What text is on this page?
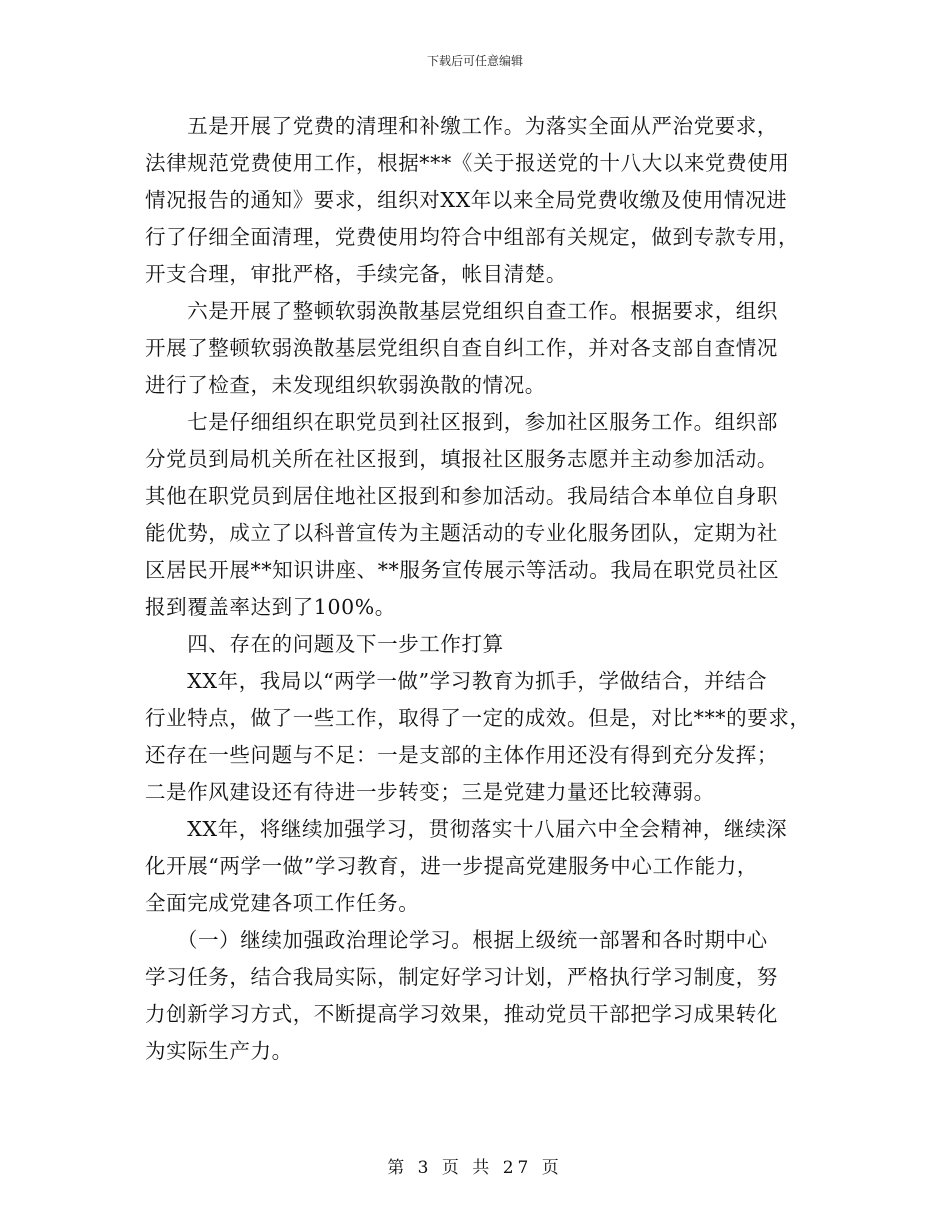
下载后可任意编辑

　　五是开展了党费的清理和补缴工作。为落实全面从严治党要求，
法律规范党费使用工作，根据***《关于报送党的十八大以来党费使用
情况报告的通知》要求，组织对XX年以来全局党费收缴及使用情况进
行了仔细全面清理，党费使用均符合中组部有关规定，做到专款专用，
开支合理，审批严格，手续完备，帐目清楚。

　　六是开展了整顿软弱涣散基层党组织自查工作。根据要求，组织
开展了整顿软弱涣散基层党组织自查自纠工作，并对各支部自查情况
进行了检查，未发现组织软弱涣散的情况。

　　七是仔细组织在职党员到社区报到，参加社区服务工作。组织部
分党员到局机关所在社区报到，填报社区服务志愿并主动参加活动。
其他在职党员到居住地社区报到和参加活动。我局结合本单位自身职
能优势，成立了以科普宣传为主题活动的专业化服务团队，定期为社
区居民开展**知识讲座、**服务宣传展示等活动。我局在职党员社区
报到覆盖率达到了100%。

　　四、存在的问题及下一步工作打算

　　XX年，我局以“两学一做”学习教育为抓手，学做结合，并结合
行业特点，做了一些工作，取得了一定的成效。但是，对比***的要求，
还存在一些问题与不足：一是支部的主体作用还没有得到充分发挥；
二是作风建设还有待进一步转变；三是党建力量还比较薄弱。

　　XX年，将继续加强学习，贯彻落实十八届六中全会精神，继续深
化开展“两学一做”学习教育，进一步提高党建服务中心工作能力，
全面完成党建各项工作任务。

　　（一）继续加强政治理论学习。根据上级统一部署和各时期中心
学习任务，结合我局实际，制定好学习计划，严格执行学习制度，努
力创新学习方式，不断提高学习效果，推动党员干部把学习成果转化
为实际生产力。

第 3 页 共 27 页
